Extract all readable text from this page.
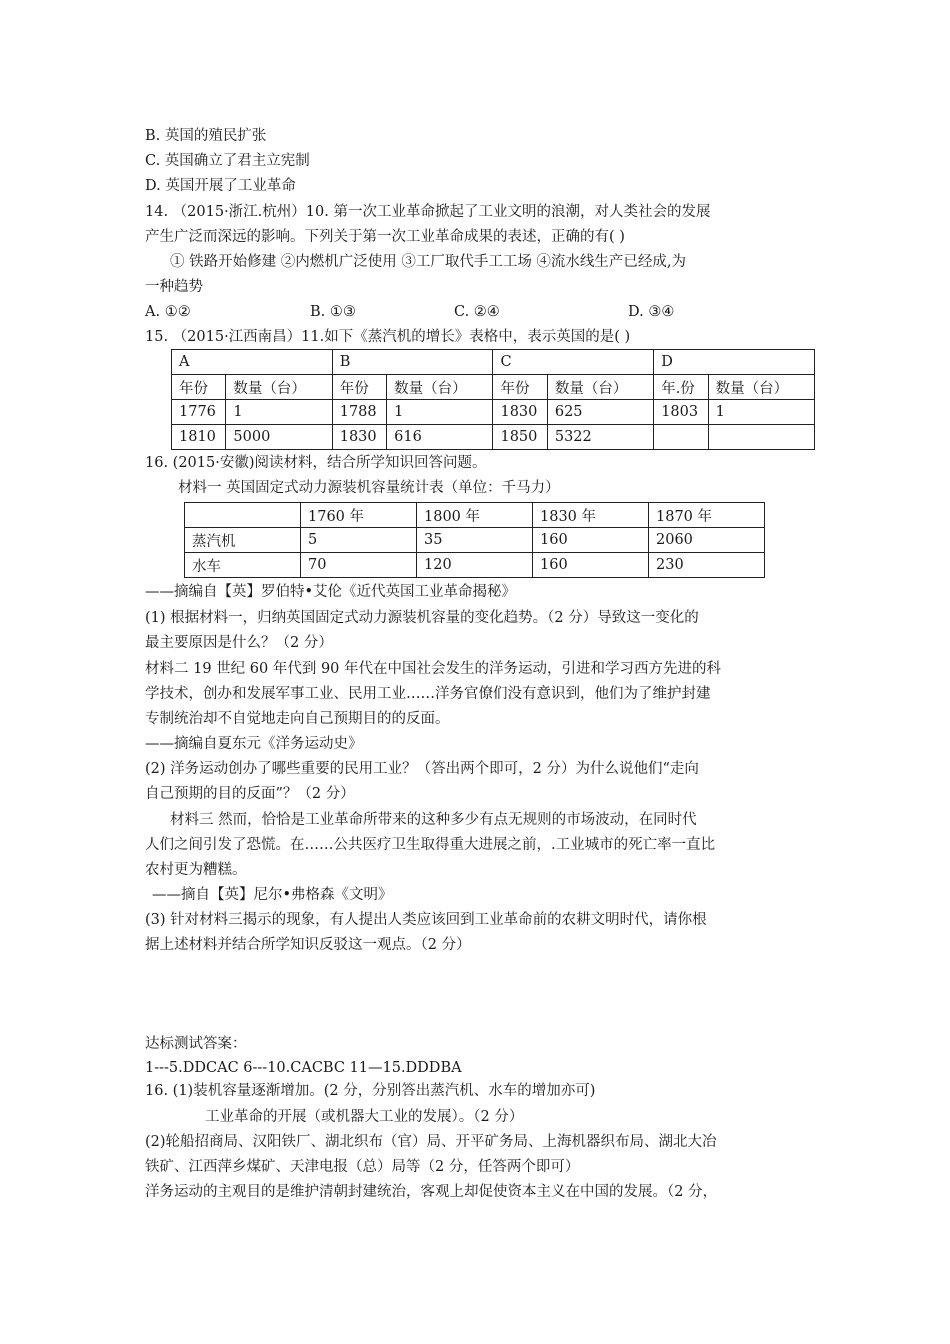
B. 英国的殖民扩张
C. 英国确立了君主立宪制
D. 英国开展了工业革命
14. （2015·浙江.杭州）10. 第一次工业革命掀起了工业文明的浪潮，对人类社会的发展
产生广泛而深远的影响。下列关于第一次工业革命成果的表述，正确的有( )
① 铁路开始修建 ②内燃机广泛使用 ③工厂取代手工工场 ④流水线生产已经成,为
一种趋势
A. ①②	B. ①③	C. ②④	D. ③④
15. （2015·江西南昌）11.如下《蒸汽机的增长》表格中，表示英国的是( )
A		B		C		D	
年份	数量（台）	年份	数量（台）	年份	数量（台）	年.份	数量（台）
1776	1	1788	1	1830	625	1803	1
1810	5000	1830	616	1850	5322		
16. (2015·安徽)阅读材料，结合所学知识回答问题。
材料一 英国固定式动力源装机容量统计表（单位：千马力）
	1760 年	1800 年	1830 年	1870 年
蒸汽机	5	35	160	2060
水车	70	120	160	230
——摘编自【英】罗伯特•艾伦《近代英国工业革命揭秘》
(1) 根据材料一，归纳英国固定式动力源装机容量的变化趋势。（2 分）导致这一变化的
最主要原因是什么？（2 分）
材料二 19 世纪 60 年代到 90 年代在中国社会发生的洋务运动，引进和学习西方先进的科
学技术，创办和发展军事工业、民用工业……洋务官僚们没有意识到，他们为了维护封建
专制统治却不自觉地走向自己预期目的的反面。
——摘编自夏东元《洋务运动史》
(2) 洋务运动创办了哪些重要的民用工业？（答出两个即可，2 分）为什么说他们“走向
自己预期的目的反面”？（2 分）
材料三 然而，恰恰是工业革命所带来的这种多少有点无规则的市场波动，在同时代
人们之间引发了恐慌。在……公共医疗卫生取得重大进展之前，.工业城市的死亡率一直比
农村更为糟糕。
——摘自【英】尼尔•弗格森《文明》
(3) 针对材料三揭示的现象，有人提出人类应该回到工业革命前的农耕文明时代，请你根
据上述材料并结合所学知识反驳这一观点。（2 分）
达标测试答案：
1---5.DDCAC 6---10.CACBC 11—15.DDDBA
16. (1)装机容量逐渐增加。(2 分，分别答出蒸汽机、水车的增加亦可)
工业革命的开展（或机器大工业的发展）。（2 分）
(2)轮船招商局、汉阳铁厂、湖北织布（官）局、开平矿务局、上海机器织布局、湖北大冶
铁矿、江西萍乡煤矿、天津电报（总）局等（2 分，任答两个即可）
洋务运动的主观目的是维护清朝封建统治，客观上却促使资本主义在中国的发展。（2 分，
